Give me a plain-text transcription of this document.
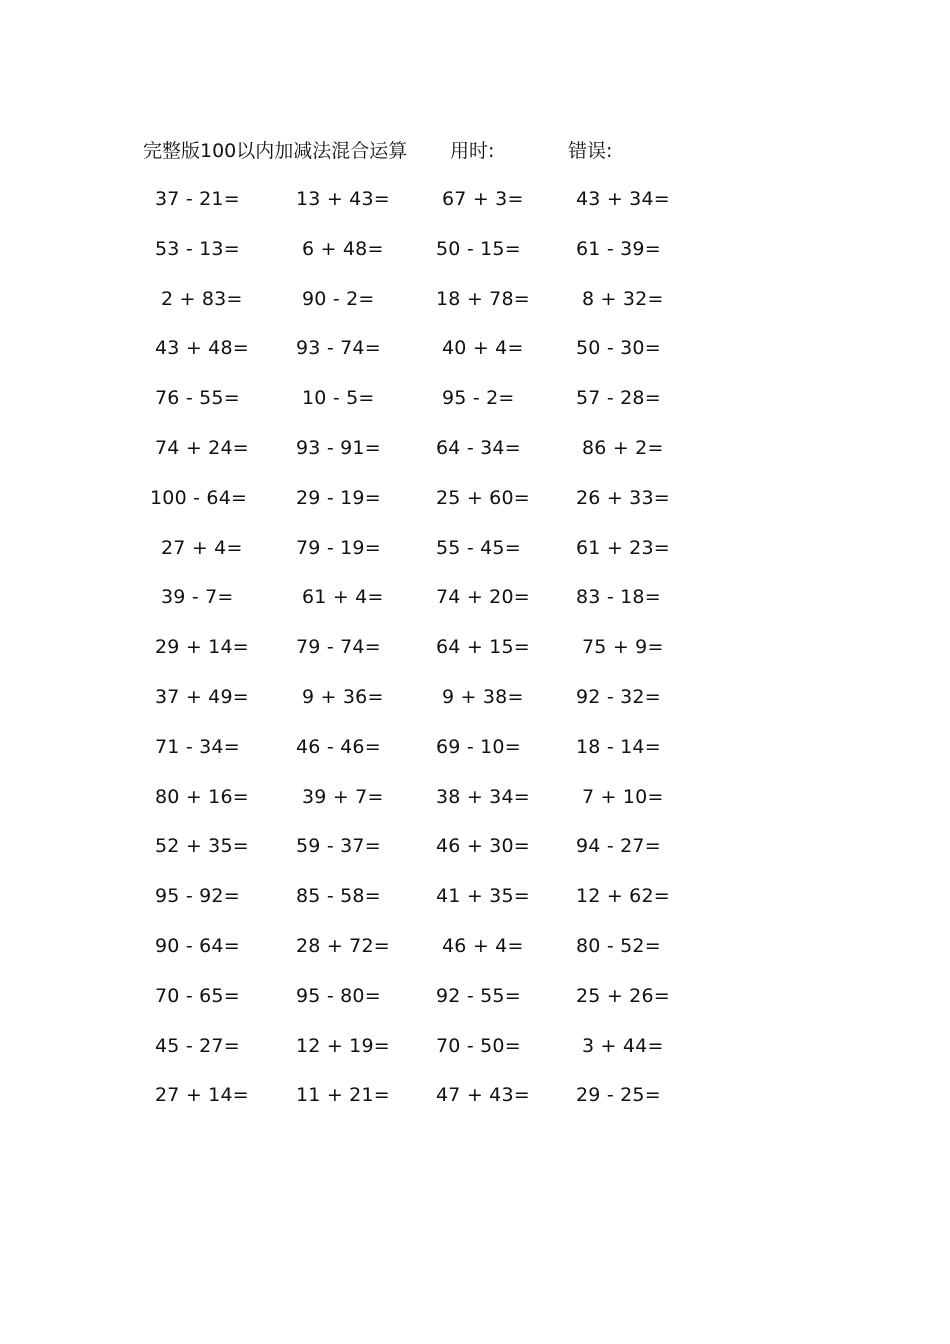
完整版100以内加减法混合运算 用时:	错误:
37 - 21=	13 + 43=	67 + 3=	43 + 34=
53 - 13=	6 + 48=	50 - 15=	61 - 39=
2 + 83=	90 - 2=	18 + 78=	8 + 32=
43 + 48= 93 - 74=	40 + 4=	50 - 30=
76 - 55=	10 - 5=	95 - 2=	57 - 28=
74 + 24= 93 - 91=	64 - 34=	86 + 2=
100 - 64=	29 - 19=	25 + 60= 26 + 33=
27 + 4=	79 - 19=	55 - 45=	61 + 23=
39 - 7=	61 + 4=	74 + 20= 83 - 18=
29 + 14= 79 - 74=	64 + 15=	75 + 9=
37 + 49=	9 + 36=	9 + 38=	92 - 32=
71 - 34=	46 - 46=	69 - 10=	18 - 14=
80 + 16=	39 + 7=	38 + 34=	7 + 10=
52 + 35= 59 - 37=	46 + 30= 94 - 27=
95 - 92=	85 - 58=	41 + 35= 12 + 62=
90 - 64=	28 + 72=	46 + 4=	80 - 52=
70 - 65=	95 - 80=	92 - 55=	25 + 26=
45 - 27=	12 + 19= 70 - 50=	3 + 44=
27 + 14= 11 + 21= 47 + 43= 29 - 25=
